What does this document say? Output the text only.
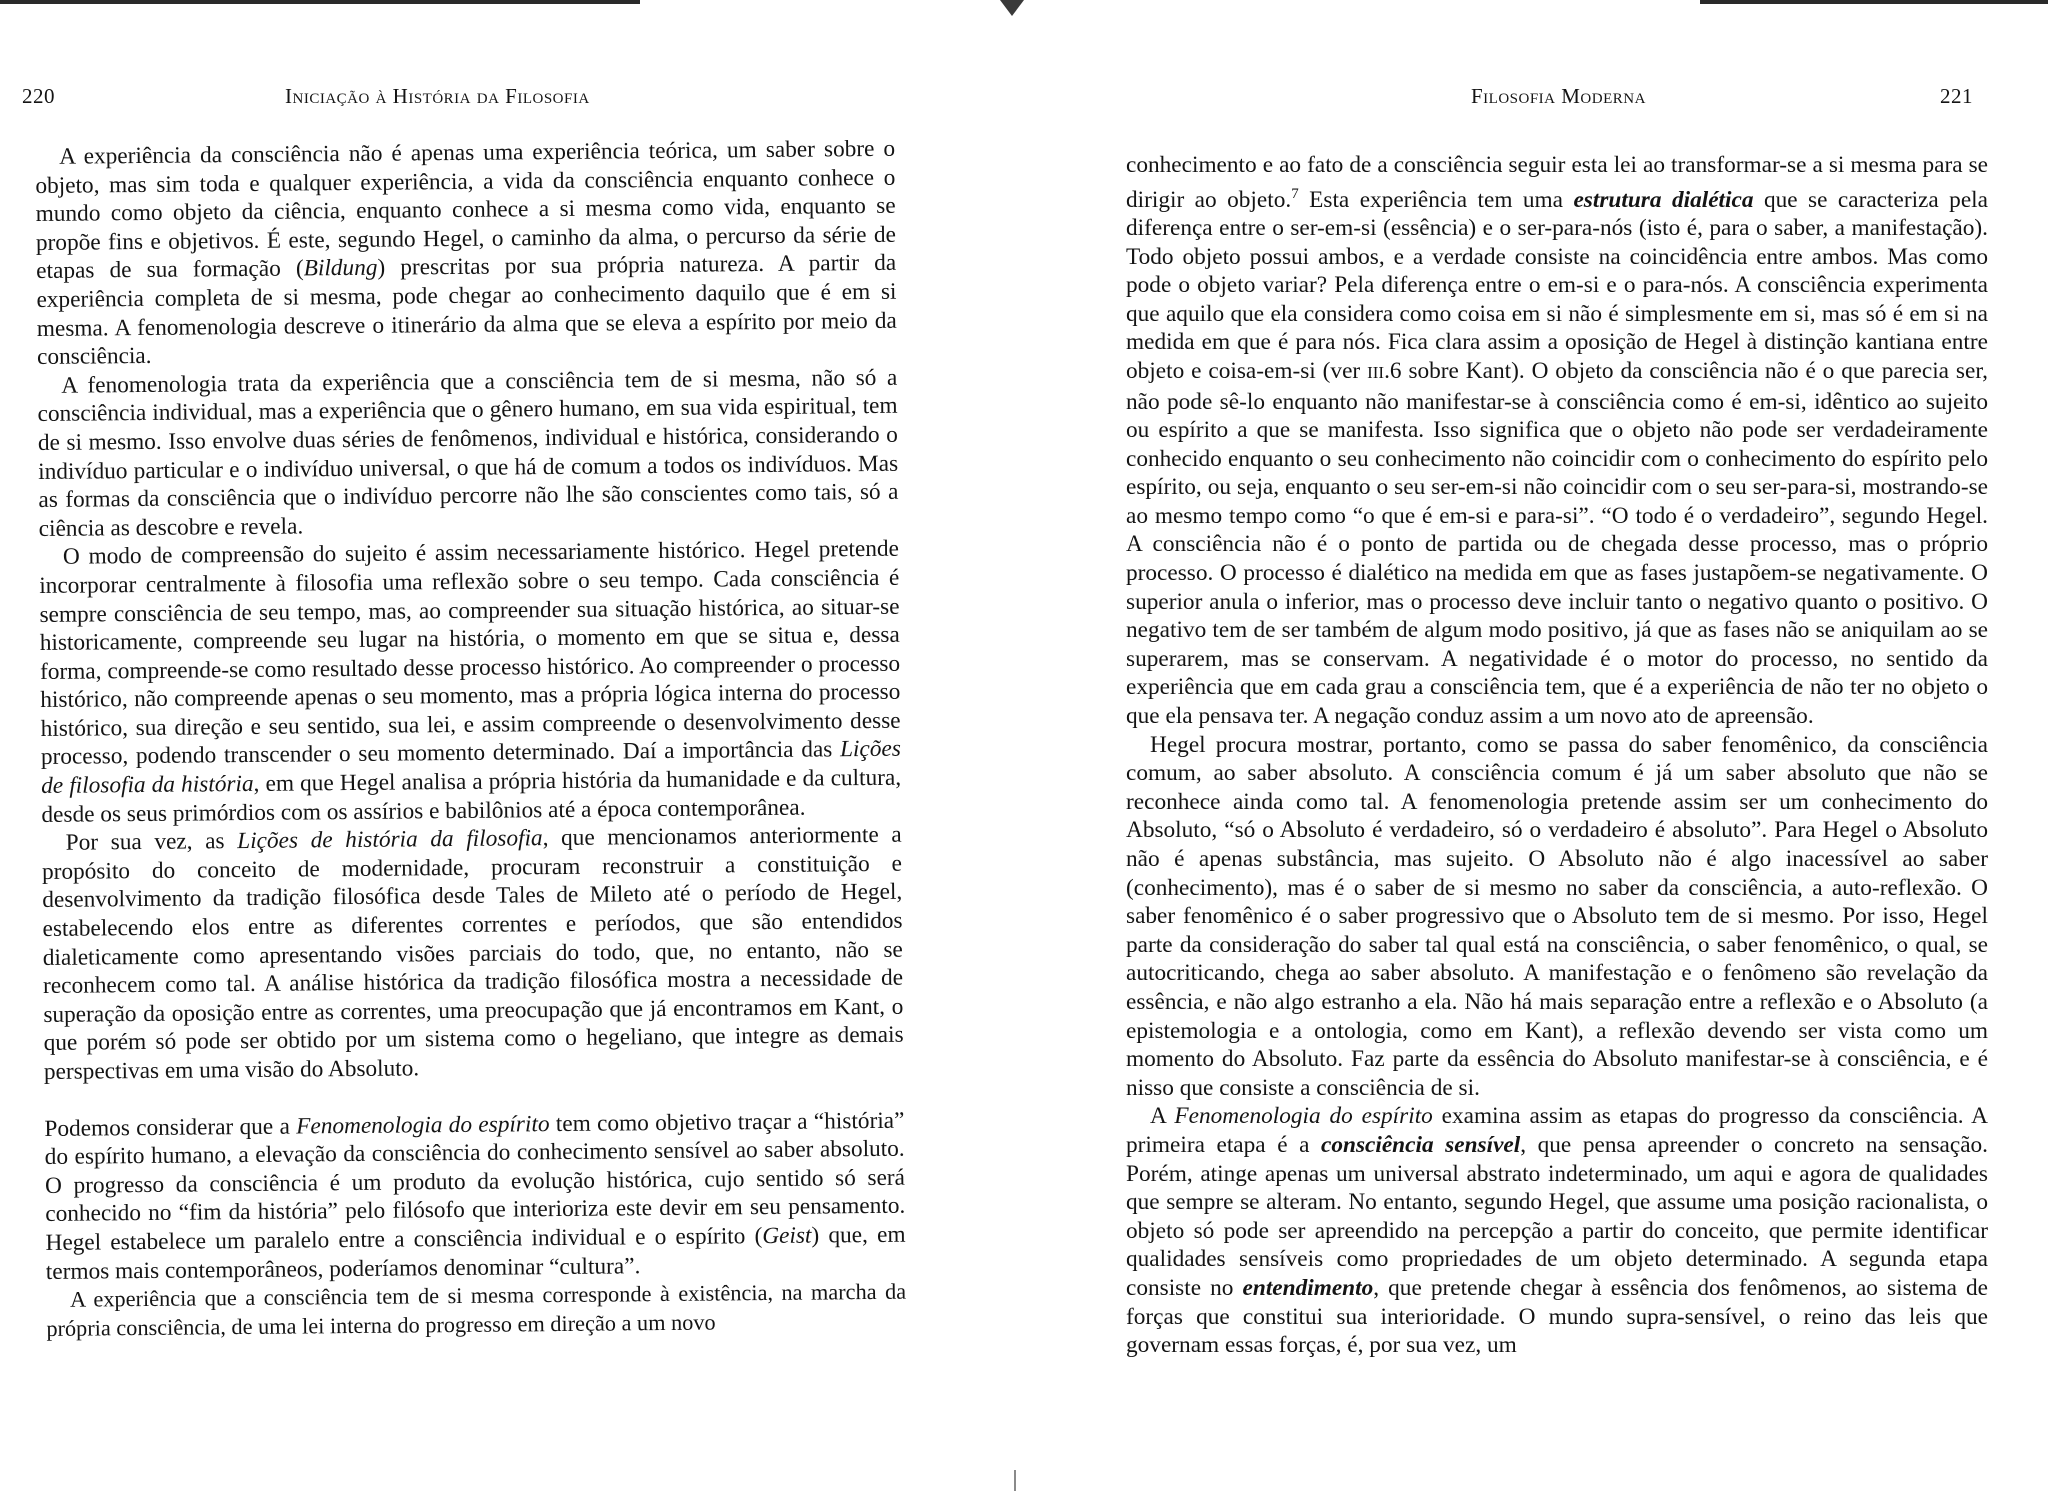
220	Iniciação à História da Filosofia

A experiência da consciência não é apenas uma experiência teórica, um saber sobre o objeto, mas sim toda e qualquer experiência, a vida da consciência enquanto conhece o mundo como objeto da ciência, enquanto conhece a si mesma como vida, enquanto se propõe fins e objetivos. É este, segundo Hegel, o caminho da alma, o percurso da série de etapas de sua formação (Bildung) prescritas por sua própria natureza. A partir da experiência completa de si mesma, pode chegar ao conhecimento daquilo que é em si mesma. A fenomenologia descreve o itinerário da alma que se eleva a espírito por meio da consciência.

A fenomenologia trata da experiência que a consciência tem de si mesma, não só a consciência individual, mas a experiência que o gênero humano, em sua vida espiritual, tem de si mesmo. Isso envolve duas séries de fenômenos, individual e histórica, considerando o indivíduo particular e o indivíduo universal, o que há de comum a todos os indivíduos. Mas as formas da consciência que o indivíduo percorre não lhe são conscientes como tais, só a ciência as descobre e revela.

O modo de compreensão do sujeito é assim necessariamente histórico. Hegel pretende incorporar centralmente à filosofia uma reflexão sobre o seu tempo. Cada consciência é sempre consciência de seu tempo, mas, ao compreender sua situação histórica, ao situar-se historicamente, compreende seu lugar na história, o momento em que se situa e, dessa forma, compreende-se como resultado desse processo histórico. Ao compreender o processo histórico, não compreende apenas o seu momento, mas a própria lógica interna do processo histórico, sua direção e seu sentido, sua lei, e assim compreende o desenvolvimento desse processo, podendo transcender o seu momento determinado. Daí a importância das Lições de filosofia da história, em que Hegel analisa a própria história da humanidade e da cultura, desde os seus primórdios com os assírios e babilônios até a época contemporânea.

Por sua vez, as Lições de história da filosofia, que mencionamos anteriormente a propósito do conceito de modernidade, procuram reconstruir a constituição e desenvolvimento da tradição filosófica desde Tales de Mileto até o período de Hegel, estabelecendo elos entre as diferentes correntes e períodos, que são entendidos dialeticamente como apresentando visões parciais do todo, que, no entanto, não se reconhecem como tal. A análise histórica da tradição filosófica mostra a necessidade de superação da oposição entre as correntes, uma preocupação que já encontramos em Kant, o que porém só pode ser obtido por um sistema como o hegeliano, que integre as demais perspectivas em uma visão do Absoluto.

Podemos considerar que a Fenomenologia do espírito tem como objetivo traçar a “história” do espírito humano, a elevação da consciência do conhecimento sensível ao saber absoluto. O progresso da consciência é um produto da evolução histórica, cujo sentido só será conhecido no “fim da história” pelo filósofo que interioriza este devir em seu pensamento. Hegel estabelece um paralelo entre a consciência individual e o espírito (Geist) que, em termos mais contemporâneos, poderíamos denominar “cultura”.

A experiência que a consciência tem de si mesma corresponde à existência, na marcha da própria consciência, de uma lei interna do progresso em direção a um novo

Filosofia Moderna	221

conhecimento e ao fato de a consciência seguir esta lei ao transformar-se a si mesma para se dirigir ao objeto.$^7$ Esta experiência tem uma estrutura dialética que se caracteriza pela diferença entre o ser-em-si (essência) e o ser-para-nós (isto é, para o saber, a manifestação). Todo objeto possui ambos, e a verdade consiste na coincidência entre ambos. Mas como pode o objeto variar? Pela diferença entre o em-si e o para-nós. A consciência experimenta que aquilo que ela considera como coisa em si não é simplesmente em si, mas só é em si na medida em que é para nós. Fica clara assim a oposição de Hegel à distinção kantiana entre objeto e coisa-em-si (ver III.6 sobre Kant). O objeto da consciência não é o que parecia ser, não pode sê-lo enquanto não manifestar-se à consciência como é em-si, idêntico ao sujeito ou espírito a que se manifesta. Isso significa que o objeto não pode ser verdadeiramente conhecido enquanto o seu conhecimento não coincidir com o conhecimento do espírito pelo espírito, ou seja, enquanto o seu ser-em-si não coincidir com o seu ser-para-si, mostrando-se ao mesmo tempo como “o que é em-si e para-si”. “O todo é o verdadeiro”, segundo Hegel. A consciência não é o ponto de partida ou de chegada desse processo, mas o próprio processo. O processo é dialético na medida em que as fases justapõem-se negativamente. O superior anula o inferior, mas o processo deve incluir tanto o negativo quanto o positivo. O negativo tem de ser também de algum modo positivo, já que as fases não se aniquilam ao se superarem, mas se conservam. A negatividade é o motor do processo, no sentido da experiência que em cada grau a consciência tem, que é a experiência de não ter no objeto o que ela pensava ter. A negação conduz assim a um novo ato de apreensão.

Hegel procura mostrar, portanto, como se passa do saber fenomênico, da consciência comum, ao saber absoluto. A consciência comum é já um saber absoluto que não se reconhece ainda como tal. A fenomenologia pretende assim ser um conhecimento do Absoluto, “só o Absoluto é verdadeiro, só o verdadeiro é absoluto”. Para Hegel o Absoluto não é apenas substância, mas sujeito. O Absoluto não é algo inacessível ao saber (conhecimento), mas é o saber de si mesmo no saber da consciência, a auto-reflexão. O saber fenomênico é o saber progressivo que o Absoluto tem de si mesmo. Por isso, Hegel parte da consideração do saber tal qual está na consciência, o saber fenomênico, o qual, se autocriticando, chega ao saber absoluto. A manifestação e o fenômeno são revelação da essência, e não algo estranho a ela. Não há mais separação entre a reflexão e o Absoluto (a epistemologia e a ontologia, como em Kant), a reflexão devendo ser vista como um momento do Absoluto. Faz parte da essência do Absoluto manifestar-se à consciência, e é nisso que consiste a consciência de si.

A Fenomenologia do espírito examina assim as etapas do progresso da consciência. A primeira etapa é a consciência sensível, que pensa apreender o concreto na sensação. Porém, atinge apenas um universal abstrato indeterminado, um aqui e agora de qualidades que sempre se alteram. No entanto, segundo Hegel, que assume uma posição racionalista, o objeto só pode ser apreendido na percepção a partir do conceito, que permite identificar qualidades sensíveis como propriedades de um objeto determinado. A segunda etapa consiste no entendimento, que pretende chegar à essência dos fenômenos, ao sistema de forças que constitui sua interioridade. O mundo supra-sensível, o reino das leis que governam essas forças, é, por sua vez, um
